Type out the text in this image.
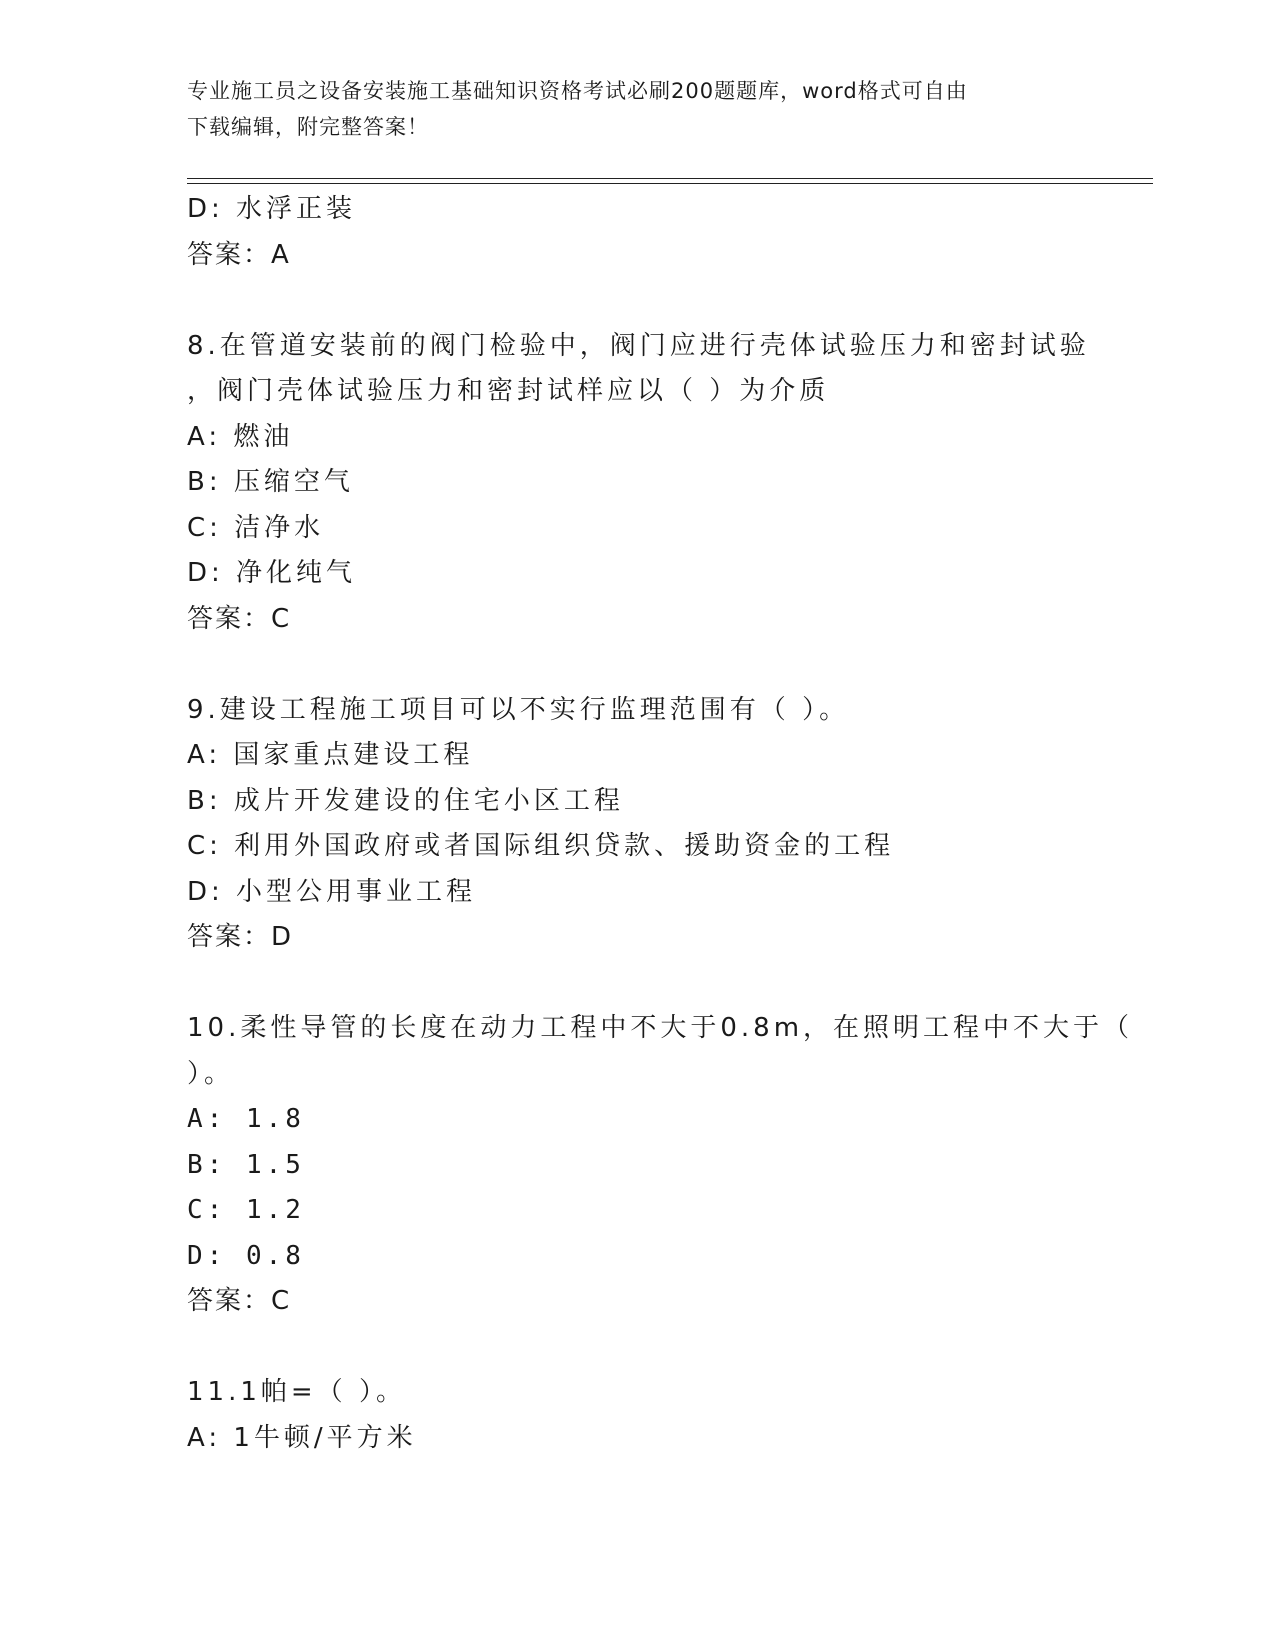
专业施工员之设备安装施工基础知识资格考试必刷200题题库，word格式可自由
下载编辑，附完整答案！
D: 水浮正装
答案：A
8.在管道安装前的阀门检验中，阀门应进行壳体试验压力和密封试验
，阀门壳体试验压力和密封试样应以（ ）为介质
A: 燃油
B: 压缩空气
C: 洁净水
D: 净化纯气
答案：C
9.建设工程施工项目可以不实行监理范围有（ ）。
A: 国家重点建设工程
B: 成片开发建设的住宅小区工程
C: 利用外国政府或者国际组织贷款、援助资金的工程
D: 小型公用事业工程
答案：D
10.柔性导管的长度在动力工程中不大于0.8m，在照明工程中不大于（
）。
A: 1.8
B: 1.5
C: 1.2
D: 0.8
答案：C
11.1帕=（ ）。
A: 1牛顿/平方米
